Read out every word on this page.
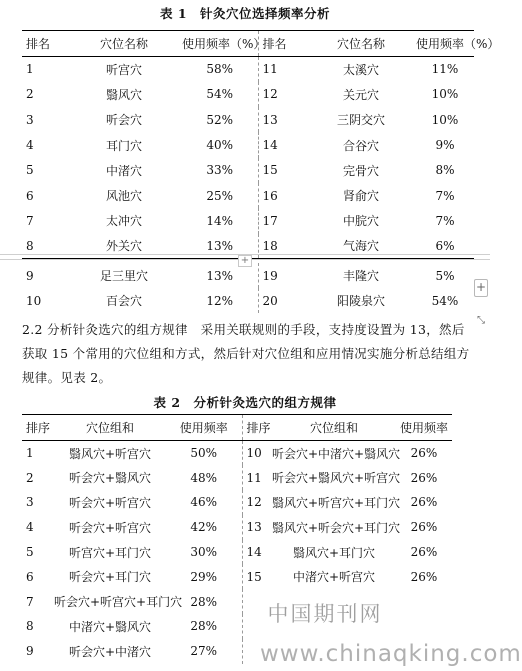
表 1　针灸穴位选择频率分析
排名	穴位名称	使用频率（%）	排名	穴位名称	使用频率（%）
1	听宫穴	58%	11	太溪穴	11%
2	翳风穴	54%	12	关元穴	10%
3	听会穴	52%	13	三阴交穴	10%
4	耳门穴	40%	14	合谷穴	9%
5	中渚穴	33%	15	完骨穴	8%
6	风池穴	25%	16	肾俞穴	7%
7	太冲穴	14%	17	中脘穴	7%
8	外关穴	13%	18	气海穴	6%
+
9	足三里穴	13%	19	丰隆穴	5%
10	百会穴	12%	20	阳陵泉穴	54%
+
⤡
2.2 分析针灸选穴的组方规律　采用关联规则的手段，支持度设置为 13，然后获取 15 个常用的穴位组和方式，然后针对穴位组和应用情况实施分析总结组方规律。见表 2。
表 2　分析针灸选穴的组方规律
排序	穴位组和	使用频率	排序	穴位组和	使用频率
1	翳风穴+听宫穴	50%	10	听会穴+中渚穴+翳风穴	26%
2	听会穴+翳风穴	48%	11	听会穴+翳风穴+听宫穴	26%
3	听会穴+听宫穴	46%	12	翳风穴+听宫穴+耳门穴	26%
4	听会穴+听宫穴	42%	13	翳风穴+听会穴+耳门穴	26%
5	听宫穴+耳门穴	30%	14	翳风穴+耳门穴	26%
6	听会穴+耳门穴	29%	15	中渚穴+听宫穴	26%
7	听会穴+听宫穴+耳门穴	28%			
8	中渚穴+翳风穴	28%			
9	听会穴+中渚穴	27%			
中国期刊网
www.chinaqking.com
